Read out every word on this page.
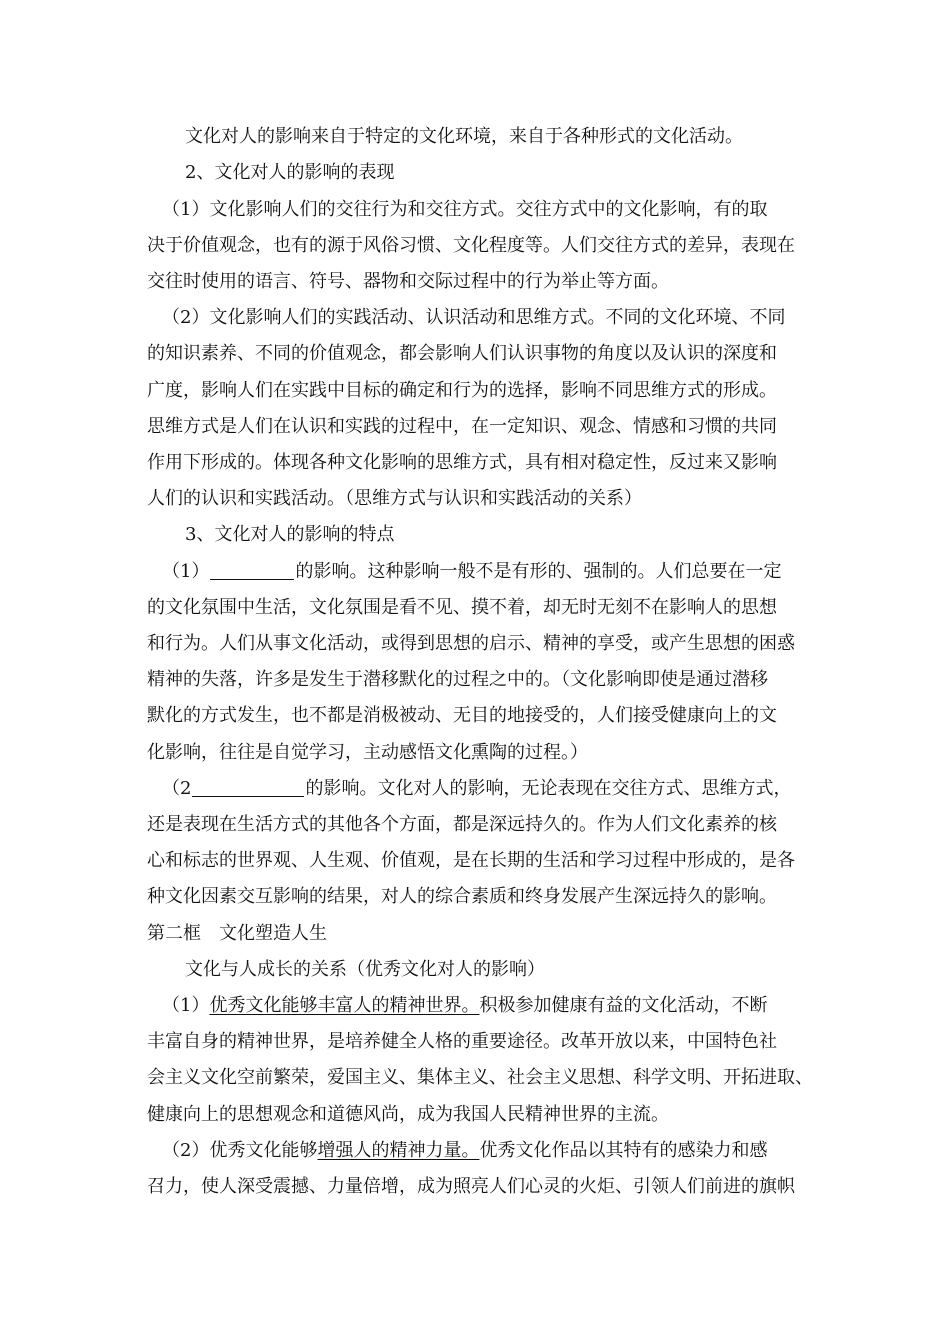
文化对人的影响来自于特定的文化环境，来自于各种形式的文化活动。
2、文化对人的影响的表现
（1）文化影响人们的交往行为和交往方式。交往方式中的文化影响，有的取
决于价值观念，也有的源于风俗习惯、文化程度等。人们交往方式的差异，表现在
交往时使用的语言、符号、器物和交际过程中的行为举止等方面。
（2）文化影响人们的实践活动、认识活动和思维方式。不同的文化环境、不同
的知识素养、不同的价值观念，都会影响人们认识事物的角度以及认识的深度和
广度，影响人们在实践中目标的确定和行为的选择，影响不同思维方式的形成。
思维方式是人们在认识和实践的过程中，在一定知识、观念、情感和习惯的共同
作用下形成的。体现各种文化影响的思维方式，具有相对稳定性，反过来又影响
人们的认识和实践活动。（思维方式与认识和实践活动的关系）
3、文化对人的影响的特点
（1）	的影响。这种影响一般不是有形的、强制的。人们总要在一定
的文化氛围中生活，文化氛围是看不见、摸不着，却无时无刻不在影响人的思想
和行为。人们从事文化活动，或得到思想的启示、精神的享受，或产生思想的困惑
精神的失落，许多是发生于潜移默化的过程之中的。（文化影响即使是通过潜移
默化的方式发生，也不都是消极被动、无目的地接受的，人们接受健康向上的文
化影响，往往是自觉学习，主动感悟文化熏陶的过程。）
（2	的影响。文化对人的影响，无论表现在交往方式、思维方式，
还是表现在生活方式的其他各个方面，都是深远持久的。作为人们文化素养的核
心和标志的世界观、人生观、价值观，是在长期的生活和学习过程中形成的，是各
种文化因素交互影响的结果，对人的综合素质和终身发展产生深远持久的影响。
第二框　文化塑造人生
文化与人成长的关系（优秀文化对人的影响）
（1）优秀文化能够丰富人的精神世界。积极参加健康有益的文化活动，不断
丰富自身的精神世界，是培养健全人格的重要途径。改革开放以来，中国特色社
会主义文化空前繁荣，爱国主义、集体主义、社会主义思想、科学文明、开拓进取、
健康向上的思想观念和道德风尚，成为我国人民精神世界的主流。
（2）优秀文化能够增强人的精神力量。优秀文化作品以其特有的感染力和感
召力，使人深受震撼、力量倍增，成为照亮人们心灵的火炬、引领人们前进的旗帜
